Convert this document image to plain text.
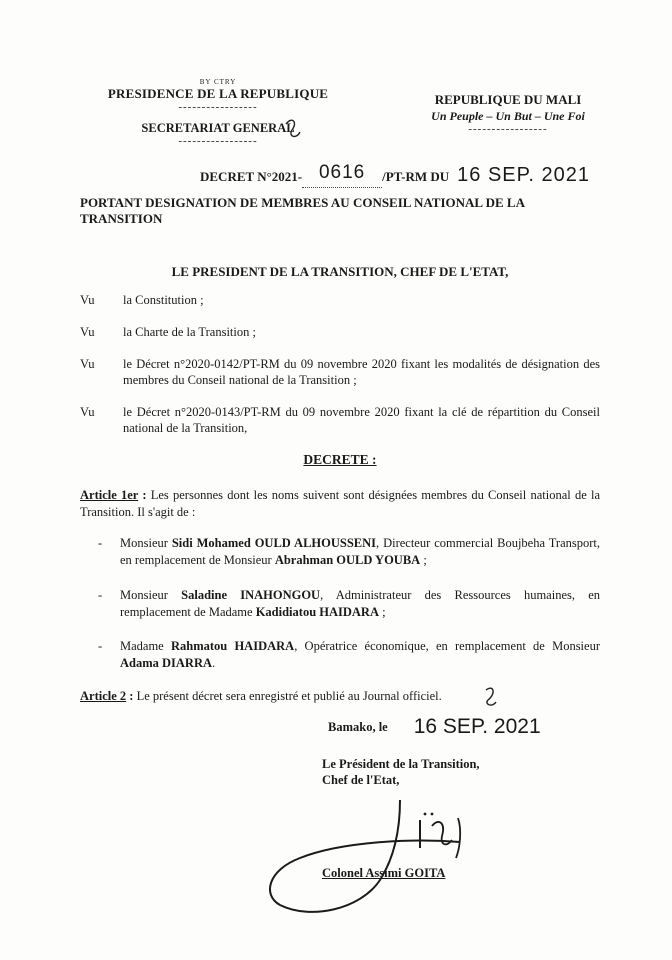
BY CTRY
PRESIDENCE DE LA REPUBLIQUE
-----------------
SECRETARIAT GENERAL
-----------------
REPUBLIQUE DU MALI
Un Peuple – Un But – Une Foi
-----------------
DECRET N°2021- 0616 /PT-RM DU 16 SEP. 2021
PORTANT DESIGNATION DE MEMBRES AU CONSEIL NATIONAL DE LA TRANSITION
LE PRESIDENT DE LA TRANSITION, CHEF DE L'ETAT,
Vu la Constitution ;
Vu la Charte de la Transition ;
Vu le Décret n°2020-0142/PT-RM du 09 novembre 2020 fixant les modalités de désignation des membres du Conseil national de la Transition ;
Vu le Décret n°2020-0143/PT-RM du 09 novembre 2020 fixant la clé de répartition du Conseil national de la Transition,
DECRETE :
Article 1er : Les personnes dont les noms suivent sont désignées membres du Conseil national de la Transition. Il s'agit de :
- Monsieur Sidi Mohamed OULD ALHOUSSENI, Directeur commercial Boujbeha Transport, en remplacement de Monsieur Abrahman OULD YOUBA ;
- Monsieur Saladine INAHONGOU, Administrateur des Ressources humaines, en remplacement de Madame Kadidiatou HAIDARA ;
- Madame Rahmatou HAIDARA, Opératrice économique, en remplacement de Monsieur Adama DIARRA.
Article 2 : Le présent décret sera enregistré et publié au Journal officiel.
Bamako, le 16 SEP. 2021
Le Président de la Transition,
Chef de l'Etat,
Colonel Assimi GOITA
